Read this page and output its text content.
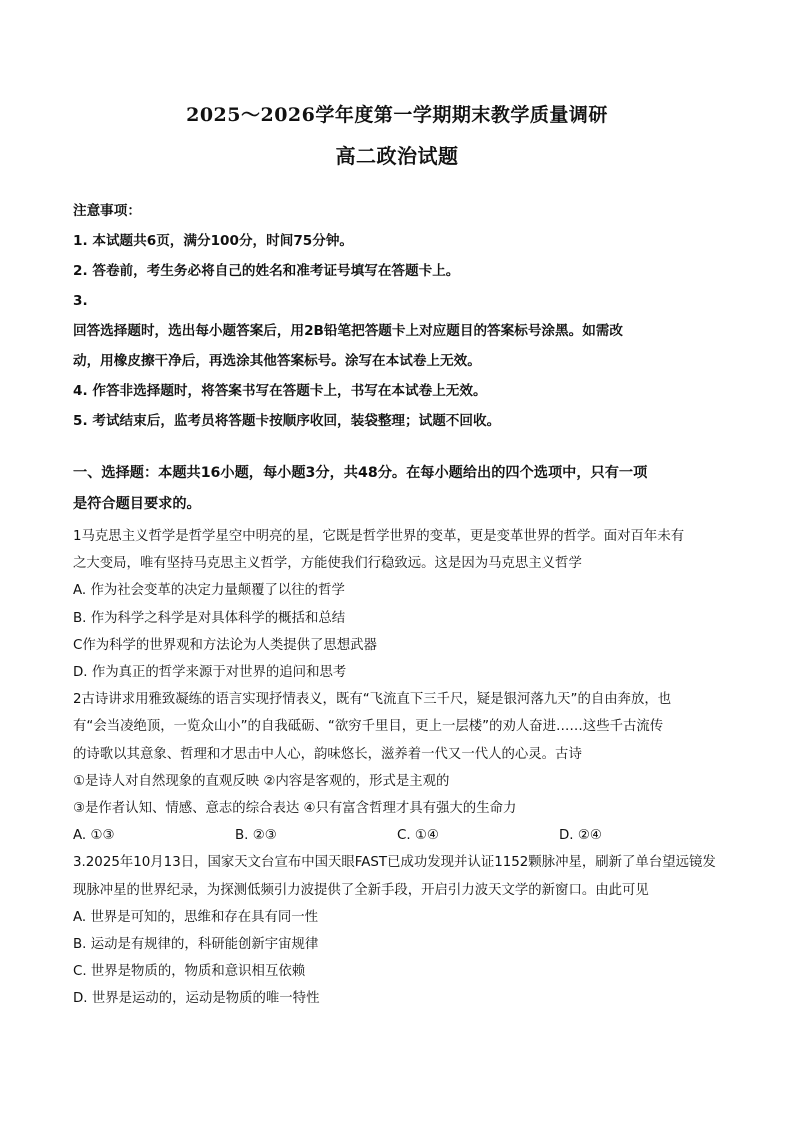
2025～2026学年度第一学期期末教学质量调研
高二政治试题
注意事项：
1. 本试题共6页，满分100分，时间75分钟。
2. 答卷前，考生务必将自己的姓名和准考证号填写在答题卡上。
3.
回答选择题时，选出每小题答案后，用2B铅笔把答题卡上对应题目的答案标号涂黑。如需改
动，用橡皮擦干净后，再选涂其他答案标号。涂写在本试卷上无效。
4. 作答非选择题时，将答案书写在答题卡上，书写在本试卷上无效。
5. 考试结束后，监考员将答题卡按顺序收回，装袋整理；试题不回收。
一、选择题：本题共16小题，每小题3分，共48分。在每小题给出的四个选项中，只有一项
是符合题目要求的。
1马克思主义哲学是哲学星空中明亮的星，它既是哲学世界的变革，更是变革世界的哲学。面对百年未有
之大变局，唯有坚持马克思主义哲学，方能使我们行稳致远。这是因为马克思主义哲学
A. 作为社会变革的决定力量颠覆了以往的哲学
B. 作为科学之科学是对具体科学的概括和总结
C作为科学的世界观和方法论为人类提供了思想武器
D. 作为真正的哲学来源于对世界的追问和思考
2古诗讲求用雅致凝练的语言实现抒情表义，既有“飞流直下三千尺，疑是银河落九天”的自由奔放，也
有“会当凌绝顶，一览众山小”的自我砥砺、“欲穷千里目，更上一层楼”的劝人奋进……这些千古流传
的诗歌以其意象、哲理和才思击中人心，韵味悠长，滋养着一代又一代人的心灵。古诗
①是诗人对自然现象的直观反映 ②内容是客观的，形式是主观的
③是作者认知、情感、意志的综合表达 ④只有富含哲理才具有强大的生命力
A. ①③	B. ②③	C. ①④	D. ②④
3.2025年10月13日，国家天文台宣布中国天眼FAST已成功发现并认证1152颗脉冲星，刷新了单台望远镜发
现脉冲星的世界纪录，为探测低频引力波提供了全新手段，开启引力波天文学的新窗口。由此可见
A. 世界是可知的，思维和存在具有同一性
B. 运动是有规律的，科研能创新宇宙规律
C. 世界是物质的，物质和意识相互依赖
D. 世界是运动的，运动是物质的唯一特性
